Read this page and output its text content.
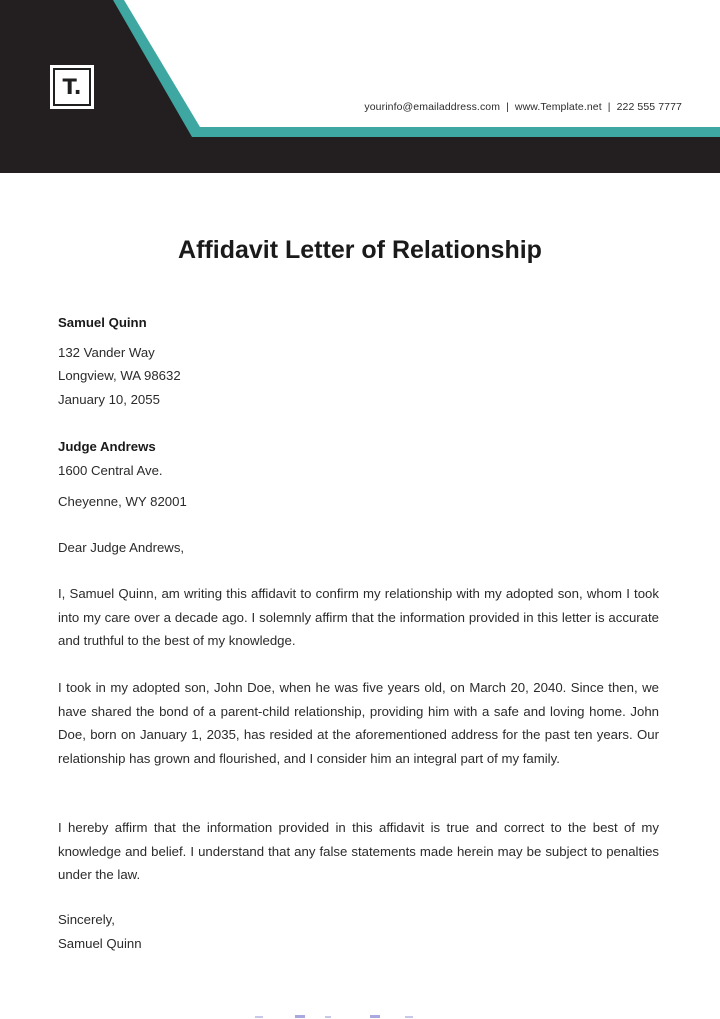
T.
yourinfo@emailaddress.com | www.Template.net | 222 555 7777
Affidavit Letter of Relationship
Samuel Quinn
132 Vander Way
Longview, WA 98632
January 10, 2055
Judge Andrews
1600 Central Ave.
Cheyenne, WY 82001
Dear Judge Andrews,
I, Samuel Quinn, am writing this affidavit to confirm my relationship with my adopted son, whom I took into my care over a decade ago. I solemnly affirm that the information provided in this letter is accurate and truthful to the best of my knowledge.
I took in my adopted son, John Doe, when he was five years old, on March 20, 2040. Since then, we have shared the bond of a parent-child relationship, providing him with a safe and loving home. John Doe, born on January 1, 2035, has resided at the aforementioned address for the past ten years. Our relationship has grown and flourished, and I consider him an integral part of my family.
I hereby affirm that the information provided in this affidavit is true and correct to the best of my knowledge and belief. I understand that any false statements made herein may be subject to penalties under the law.
Sincerely,
Samuel Quinn
